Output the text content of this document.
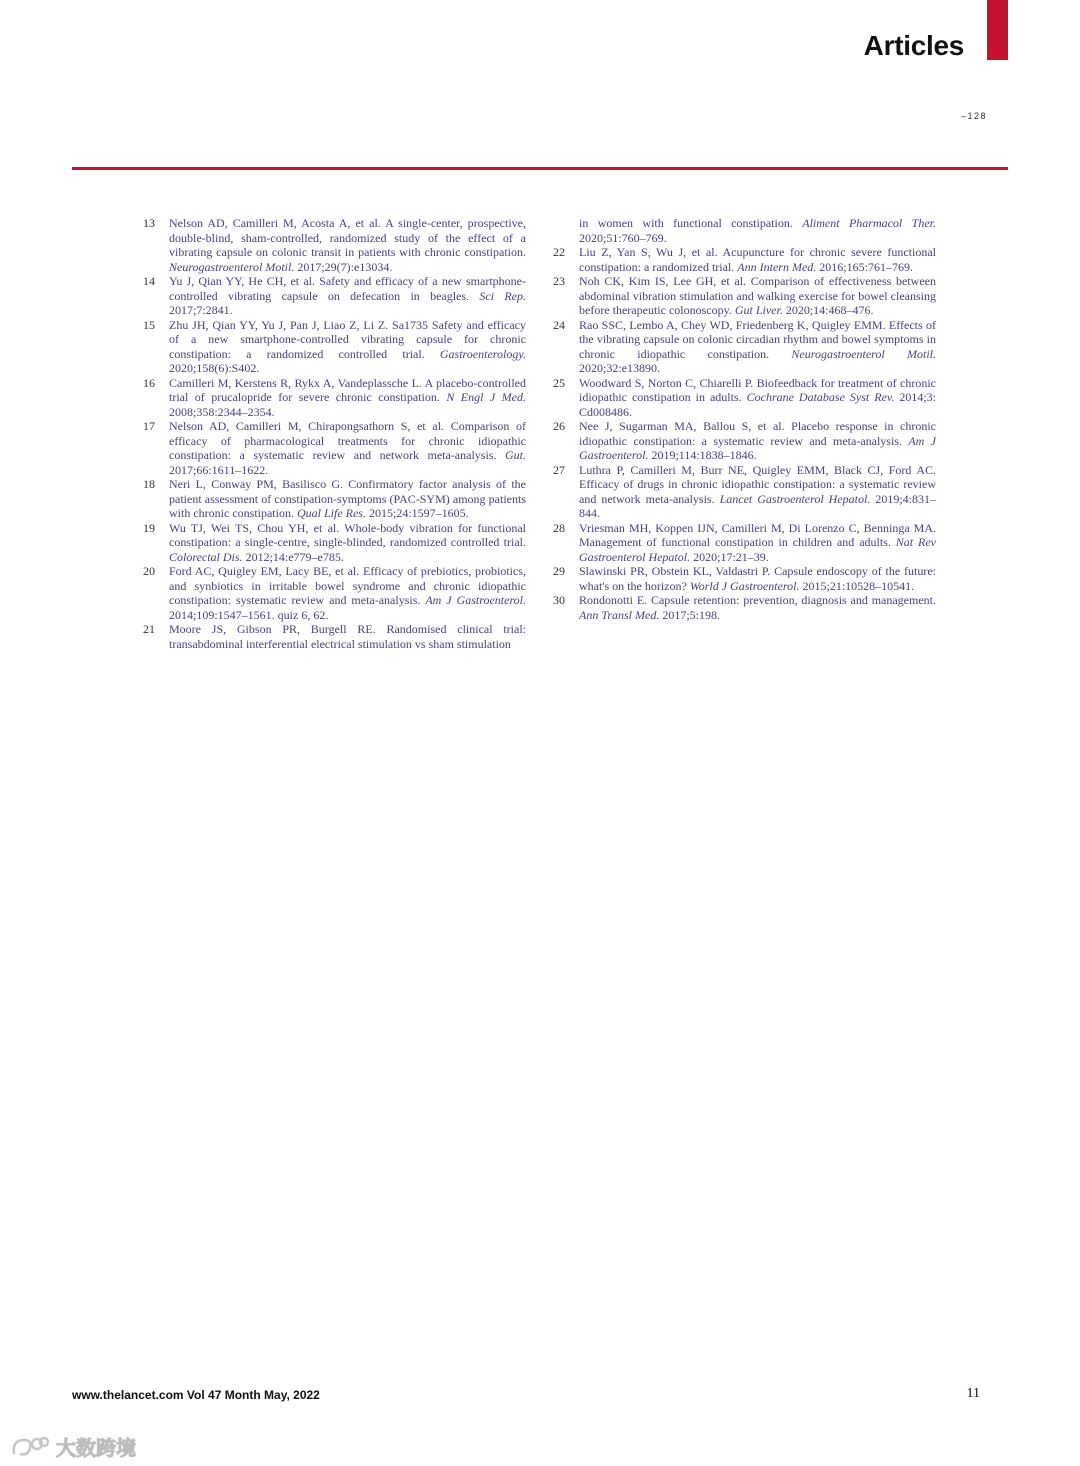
Articles
–128
13	Nelson AD, Camilleri M, Acosta A, et al. A single-center, prospective, double-blind, sham-controlled, randomized study of the effect of a vibrating capsule on colonic transit in patients with chronic constipation. Neurogastroenterol Motil. 2017;29(7):e13034.
14	Yu J, Qian YY, He CH, et al. Safety and efficacy of a new smartphone-controlled vibrating capsule on defecation in beagles. Sci Rep. 2017;7:2841.
15	Zhu JH, Qian YY, Yu J, Pan J, Liao Z, Li Z. Sa1735 Safety and efficacy of a new smartphone-controlled vibrating capsule for chronic constipation: a randomized controlled trial. Gastroenterology. 2020;158(6):S402.
16	Camilleri M, Kerstens R, Rykx A, Vandeplassche L. A placebo-controlled trial of prucalopride for severe chronic constipation. N Engl J Med. 2008;358:2344–2354.
17	Nelson AD, Camilleri M, Chirapongsathorn S, et al. Comparison of efficacy of pharmacological treatments for chronic idiopathic constipation: a systematic review and network meta-analysis. Gut. 2017;66:1611–1622.
18	Neri L, Conway PM, Basilisco G. Confirmatory factor analysis of the patient assessment of constipation-symptoms (PAC-SYM) among patients with chronic constipation. Qual Life Res. 2015;24:1597–1605.
19	Wu TJ, Wei TS, Chou YH, et al. Whole-body vibration for functional constipation: a single-centre, single-blinded, randomized controlled trial. Colorectal Dis. 2012;14:e779–e785.
20	Ford AC, Quigley EM, Lacy BE, et al. Efficacy of prebiotics, probiotics, and synbiotics in irritable bowel syndrome and chronic idiopathic constipation: systematic review and meta-analysis. Am J Gastroenterol. 2014;109:1547–1561. quiz 6, 62.
21	Moore JS, Gibson PR, Burgell RE. Randomised clinical trial: transabdominal interferential electrical stimulation vs sham stimulation
in women with functional constipation. Aliment Pharmacol Ther. 2020;51:760–769.
22	Liu Z, Yan S, Wu J, et al. Acupuncture for chronic severe functional constipation: a randomized trial. Ann Intern Med. 2016;165:761–769.
23	Noh CK, Kim IS, Lee GH, et al. Comparison of effectiveness between abdominal vibration stimulation and walking exercise for bowel cleansing before therapeutic colonoscopy. Gut Liver. 2020;14:468–476.
24	Rao SSC, Lembo A, Chey WD, Friedenberg K, Quigley EMM. Effects of the vibrating capsule on colonic circadian rhythm and bowel symptoms in chronic idiopathic constipation. Neurogastroenterol Motil. 2020;32:e13890.
25	Woodward S, Norton C, Chiarelli P. Biofeedback for treatment of chronic idiopathic constipation in adults. Cochrane Database Syst Rev. 2014;3: Cd008486.
26	Nee J, Sugarman MA, Ballou S, et al. Placebo response in chronic idiopathic constipation: a systematic review and meta-analysis. Am J Gastroenterol. 2019;114:1838–1846.
27	Luthra P, Camilleri M, Burr NE, Quigley EMM, Black CJ, Ford AC. Efficacy of drugs in chronic idiopathic constipation: a systematic review and network meta-analysis. Lancet Gastroenterol Hepatol. 2019;4:831–844.
28	Vriesman MH, Koppen IJN, Camilleri M, Di Lorenzo C, Benninga MA. Management of functional constipation in children and adults. Nat Rev Gastroenterol Hepatol. 2020;17:21–39.
29	Slawinski PR, Obstein KL, Valdastri P. Capsule endoscopy of the future: what's on the horizon? World J Gastroenterol. 2015;21:10528–10541.
30	Rondonotti E. Capsule retention: prevention, diagnosis and management. Ann Transl Med. 2017;5:198.
www.thelancet.com Vol 47 Month May, 2022	11
大数跨境
